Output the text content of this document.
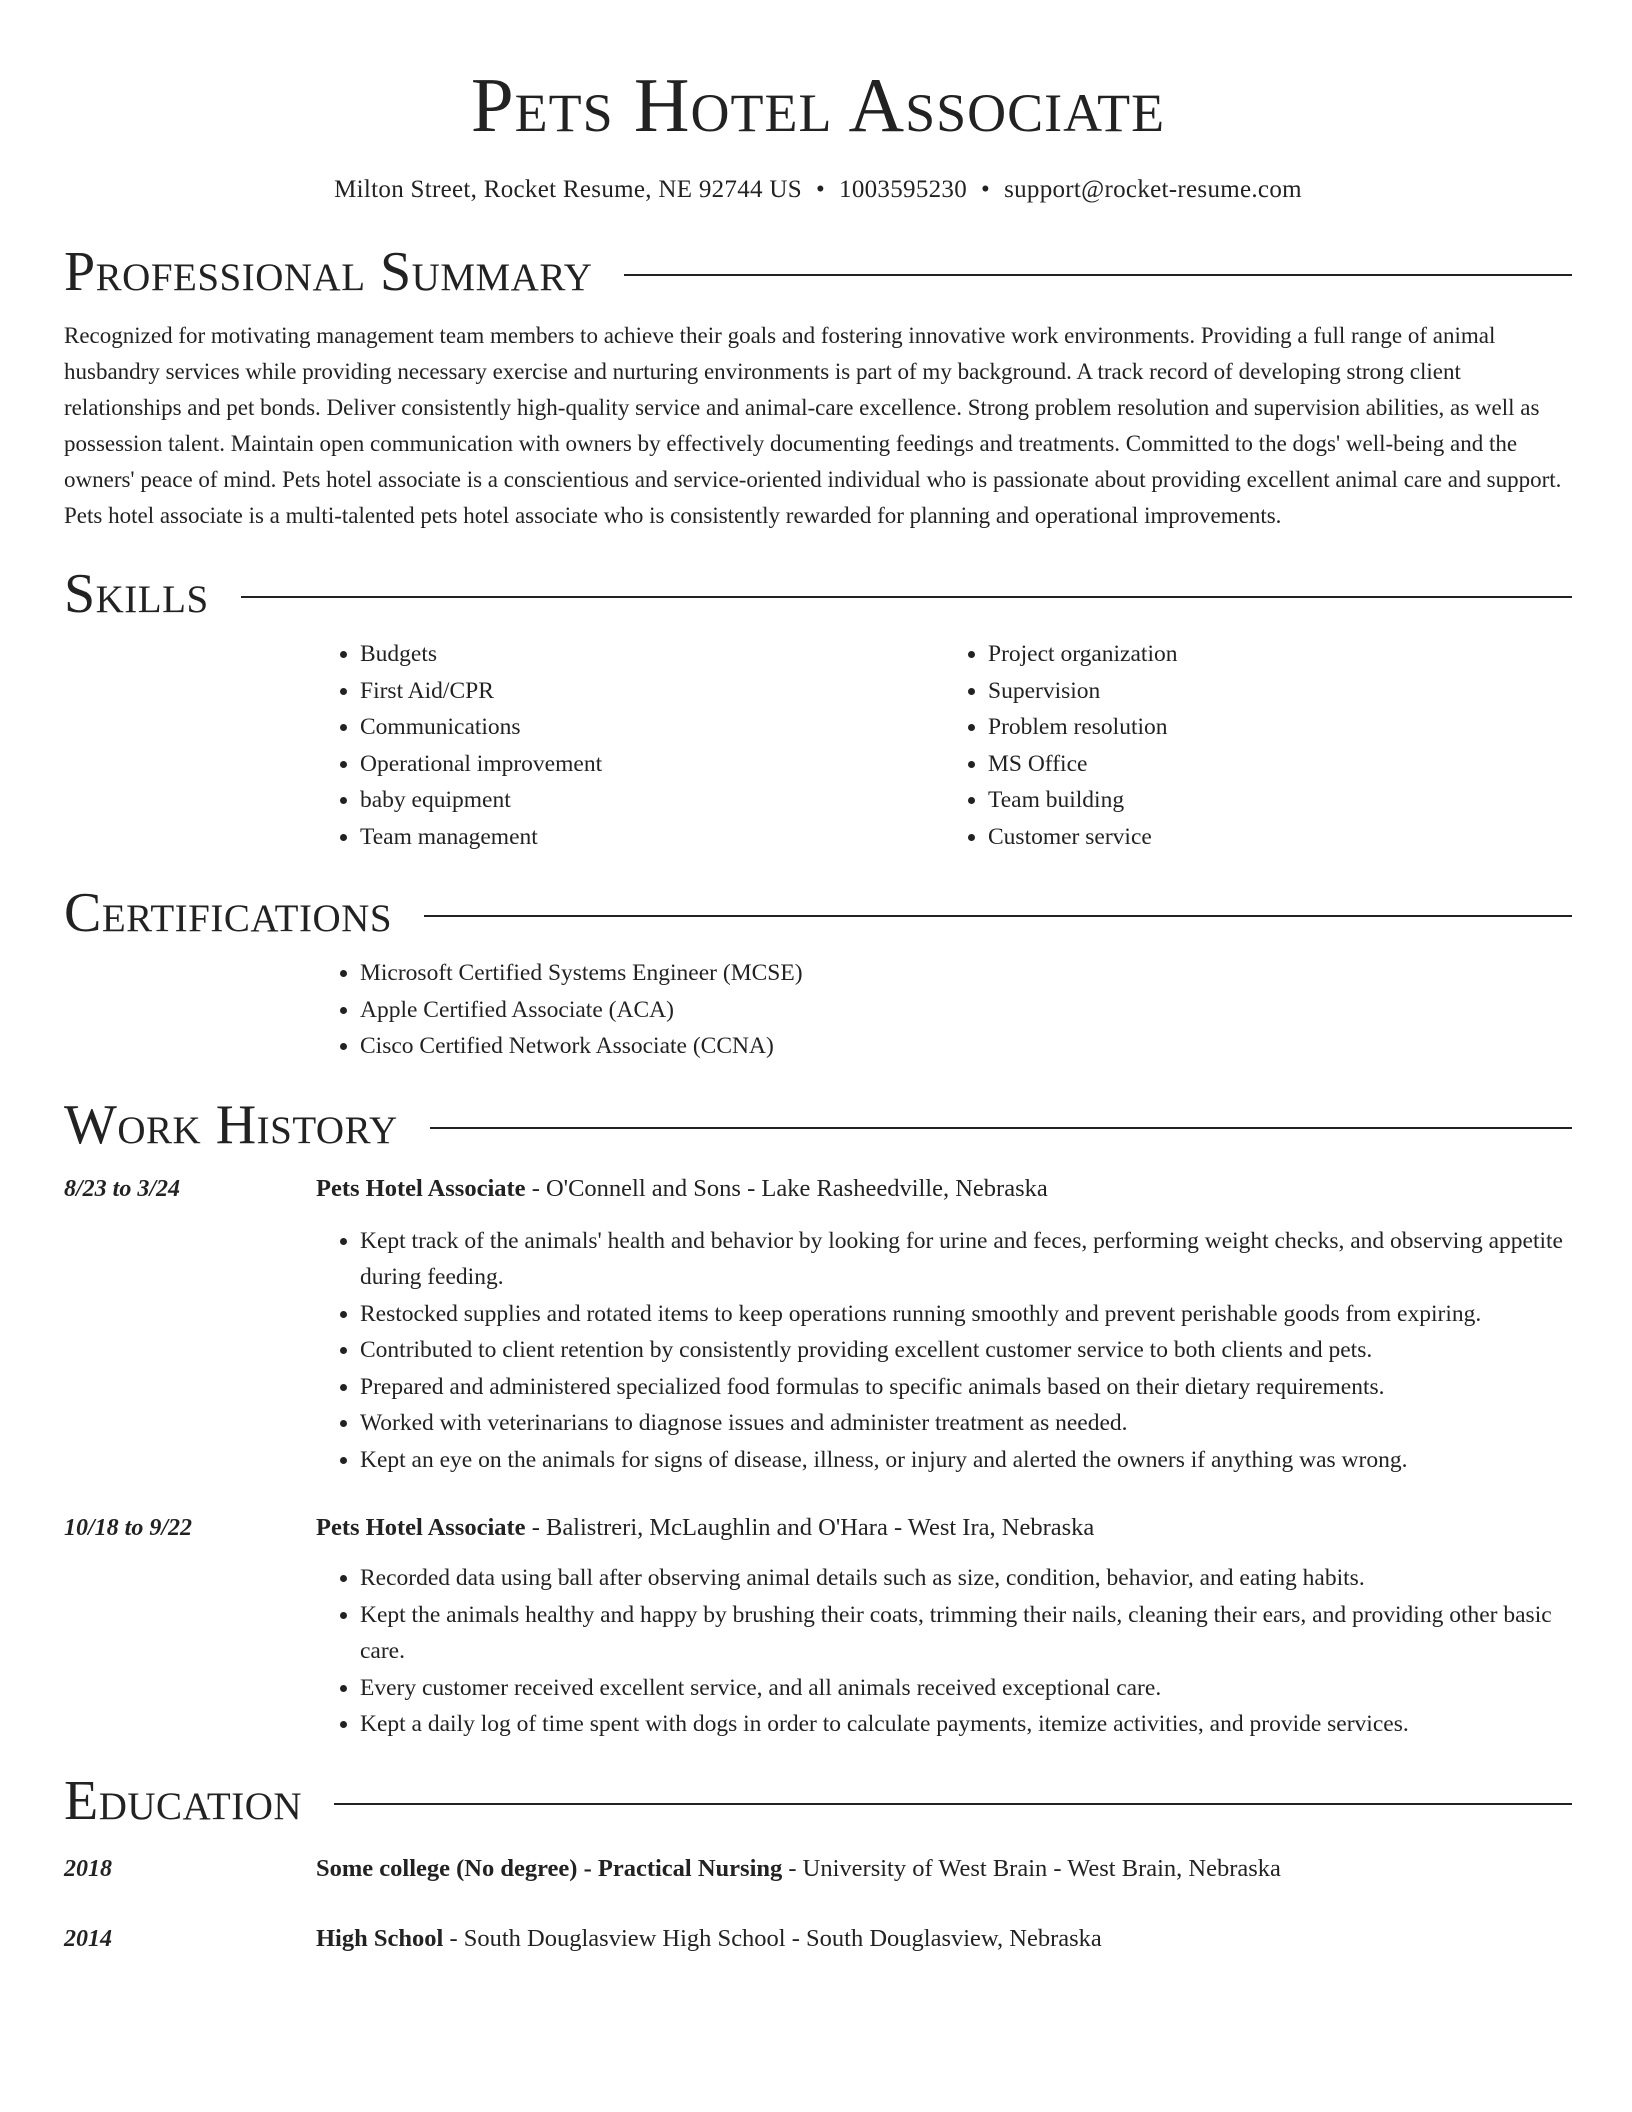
Pets Hotel Associate
Milton Street, Rocket Resume, NE 92744 US • 1003595230 • support@rocket-resume.com
Professional Summary

Recognized for motivating management team members to achieve their goals and fostering innovative work environments. Providing a full range of animal husbandry services while providing necessary exercise and nurturing environments is part of my background. A track record of developing strong client relationships and pet bonds. Deliver consistently high-quality service and animal-care excellence. Strong problem resolution and supervision abilities, as well as possession talent. Maintain open communication with owners by effectively documenting feedings and treatments. Committed to the dogs' well-being and the owners' peace of mind. Pets hotel associate is a conscientious and service-oriented individual who is passionate about providing excellent animal care and support. Pets hotel associate is a multi-talented pets hotel associate who is consistently rewarded for planning and operational improvements.

Skills
• Budgets
• First Aid/CPR
• Communications
• Operational improvement
• baby equipment
• Team management
• Project organization
• Supervision
• Problem resolution
• MS Office
• Team building
• Customer service
Certifications
• Microsoft Certified Systems Engineer (MCSE)
• Apple Certified Associate (ACA)
• Cisco Certified Network Associate (CCNA)
Work History
8/23 to 3/24	Pets Hotel Associate - O'Connell and Sons - Lake Rasheedville, Nebraska
• Kept track of the animals' health and behavior by looking for urine and feces, performing weight checks, and observing appetite during feeding.
• Restocked supplies and rotated items to keep operations running smoothly and prevent perishable goods from expiring.
• Contributed to client retention by consistently providing excellent customer service to both clients and pets.
• Prepared and administered specialized food formulas to specific animals based on their dietary requirements.
• Worked with veterinarians to diagnose issues and administer treatment as needed.
• Kept an eye on the animals for signs of disease, illness, or injury and alerted the owners if anything was wrong.
10/18 to 9/22	Pets Hotel Associate - Balistreri, McLaughlin and O'Hara - West Ira, Nebraska
• Recorded data using ball after observing animal details such as size, condition, behavior, and eating habits.
• Kept the animals healthy and happy by brushing their coats, trimming their nails, cleaning their ears, and providing other basic care.
• Every customer received excellent service, and all animals received exceptional care.
• Kept a daily log of time spent with dogs in order to calculate payments, itemize activities, and provide services.
Education
2018	Some college (No degree) - Practical Nursing - University of West Brain - West Brain, Nebraska
2014	High School - South Douglasview High School - South Douglasview, Nebraska
